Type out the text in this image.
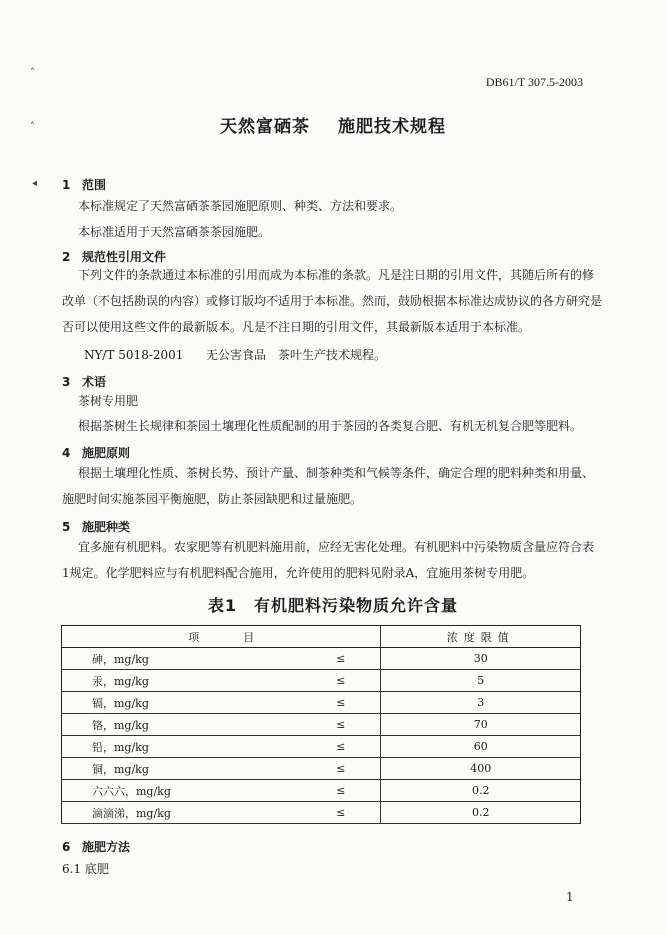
˄
˄
◂
DB61/T 307.5-2003
天然富硒茶 施肥技术规程
1 范围
本标准规定了天然富硒茶茶园施肥原则、种类、方法和要求。
本标准适用于天然富硒茶茶园施肥。
2 规范性引用文件
下列文件的条款通过本标准的引用而成为本标准的条款。凡是注日期的引用文件，其随后所有的修
改单（不包括勘误的内容）或修订版均不适用于本标准。然而，鼓励根据本标准达成协议的各方研究是
否可以使用这些文件的最新版本。凡是不注日期的引用文件，其最新版本适用于本标准。
NY/T 5018-2001 无公害食品　茶叶生产技术规程。
3 术语
茶树专用肥
根据茶树生长规律和茶园土壤理化性质配制的用于茶园的各类复合肥、有机无机复合肥等肥料。
4 施肥原则
根据土壤理化性质、茶树长势、预计产量、制茶种类和气候等条件，确定合理的肥料种类和用量、
施肥时间实施茶园平衡施肥，防止茶园缺肥和过量施肥。
5 施肥种类
宜多施有机肥料。农家肥等有机肥料施用前，应经无害化处理。有机肥料中污染物质含量应符合表
1规定。化学肥料应与有机肥料配合施用，允许使用的肥料见附录A，宜施用茶树专用肥。
表1　有机肥料污染物质允许含量
项　　　　目		浓度限值
砷，mg/kg	≤	30
汞，mg/kg	≤	5
镉，mg/kg	≤	3
铬，mg/kg	≤	70
铅，mg/kg	≤	60
铜，mg/kg	≤	400
六六六，mg/kg	≤	0.2
滴滴涕，mg/kg	≤	0.2
6 施肥方法
6.1 底肥
1
